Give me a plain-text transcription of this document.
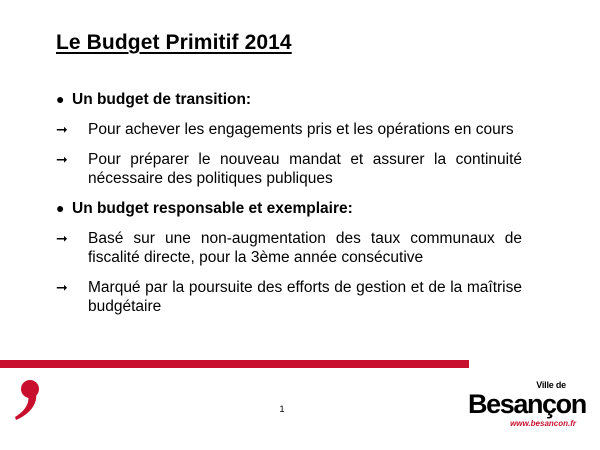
Le Budget Primitif 2014
● Un budget de transition:
➞	Pour achever les engagements pris et les opérations en cours
➞	Pour préparer le nouveau mandat et assurer la continuité nécessaire des politiques publiques
● Un budget responsable et exemplaire:
➞	Basé sur une non-augmentation des taux communaux de fiscalité directe, pour la 3ème année consécutive
➞	Marqué par la poursuite des efforts de gestion et de la maîtrise budgétaire
1
Ville de
Besançon
www.besancon.fr
